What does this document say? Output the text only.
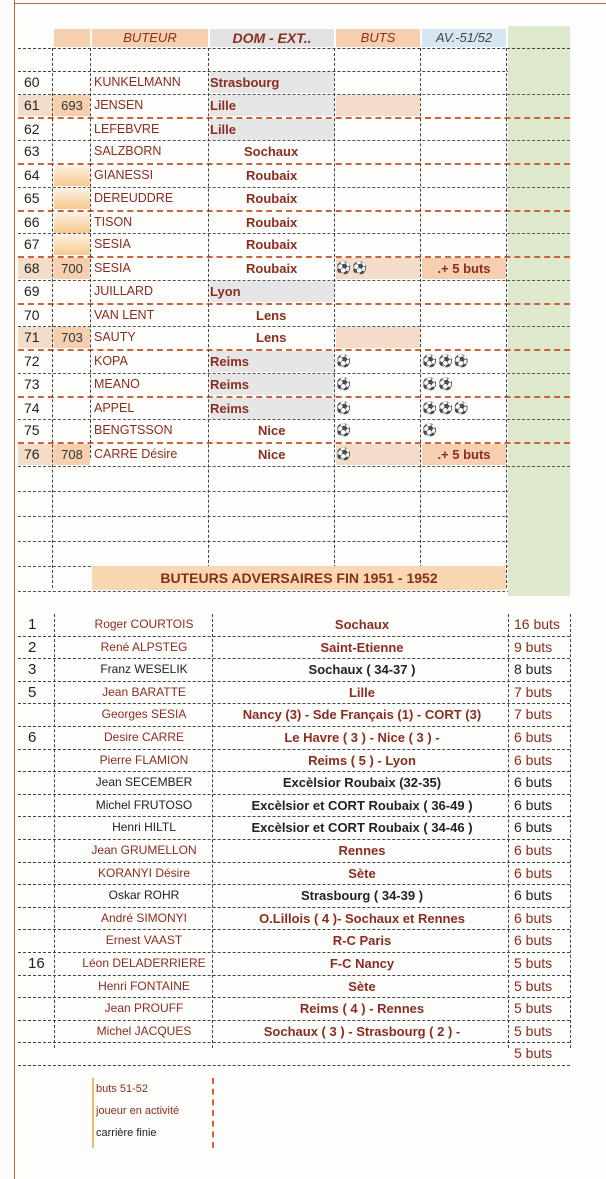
BUTEUR	DOM - EXT..	BUTS	AV.-51/52
60	KUNKELMANN	Strasbourg
61	693 JENSEN	Lille
62	LEFEBVRE	Lille
63	SALZBORN	Sochaux
64	GIANESSI	Roubaix
65	DEREUDDRE	Roubaix
66	TISON	Roubaix
67	SESIA	Roubaix
68	700 SESIA	Roubaix	⚽⚽	.+ 5 buts
69	JUILLARD	Lyon
70	VAN LENT	Lens
71	703 SAUTY	Lens
72	KOPA	Reims	⚽	⚽⚽⚽
73	MEANO	Reims	⚽	⚽⚽
74	APPEL	Reims	⚽	⚽⚽⚽
75	BENGTSSON	Nice	⚽	⚽
76	708 CARRE Désire	Nice	⚽	.+ 5 buts
BUTEURS ADVERSAIRES FIN 1951 - 1952
1	Roger COURTOIS	Sochaux	16 buts
2	René ALPSTEG	Saint-Etienne	9 buts
3	Franz WESELIK	Sochaux ( 34-37 )	8 buts
5	Jean BARATTE	Lille	7 buts
Georges SESIA	Nancy (3) - Sde Français (1) - CORT (3)	7 buts
6	Desire CARRE	Le Havre ( 3 ) - Nice ( 3 ) -	6 buts
Pierre FLAMION	Reims ( 5 ) - Lyon	6 buts
Jean SECEMBER	Excèlsior Roubaix (32-35)	6 buts
Michel FRUTOSO	Excèlsior et CORT Roubaix ( 36-49 )	6 buts
Henri HILTL	Excèlsior et CORT Roubaix ( 34-46 )	6 buts
Jean GRUMELLON	Rennes	6 buts
KORANYI Désire	Sète	6 buts
Oskar ROHR	Strasbourg ( 34-39 )	6 buts
André SIMONYI	O.Lillois ( 4 )- Sochaux et Rennes	6 buts
Ernest VAAST	R-C Paris	6 buts
16	Léon DELADERRIERE	F-C Nancy	5 buts
Henri FONTAINE	Sète	5 buts
Jean PROUFF	Reims ( 4 ) - Rennes	5 buts
Michel JACQUES	Sochaux ( 3 ) - Strasbourg ( 2 ) -	5 buts
5 buts
buts 51-52
joueur en activité
carrière finie
